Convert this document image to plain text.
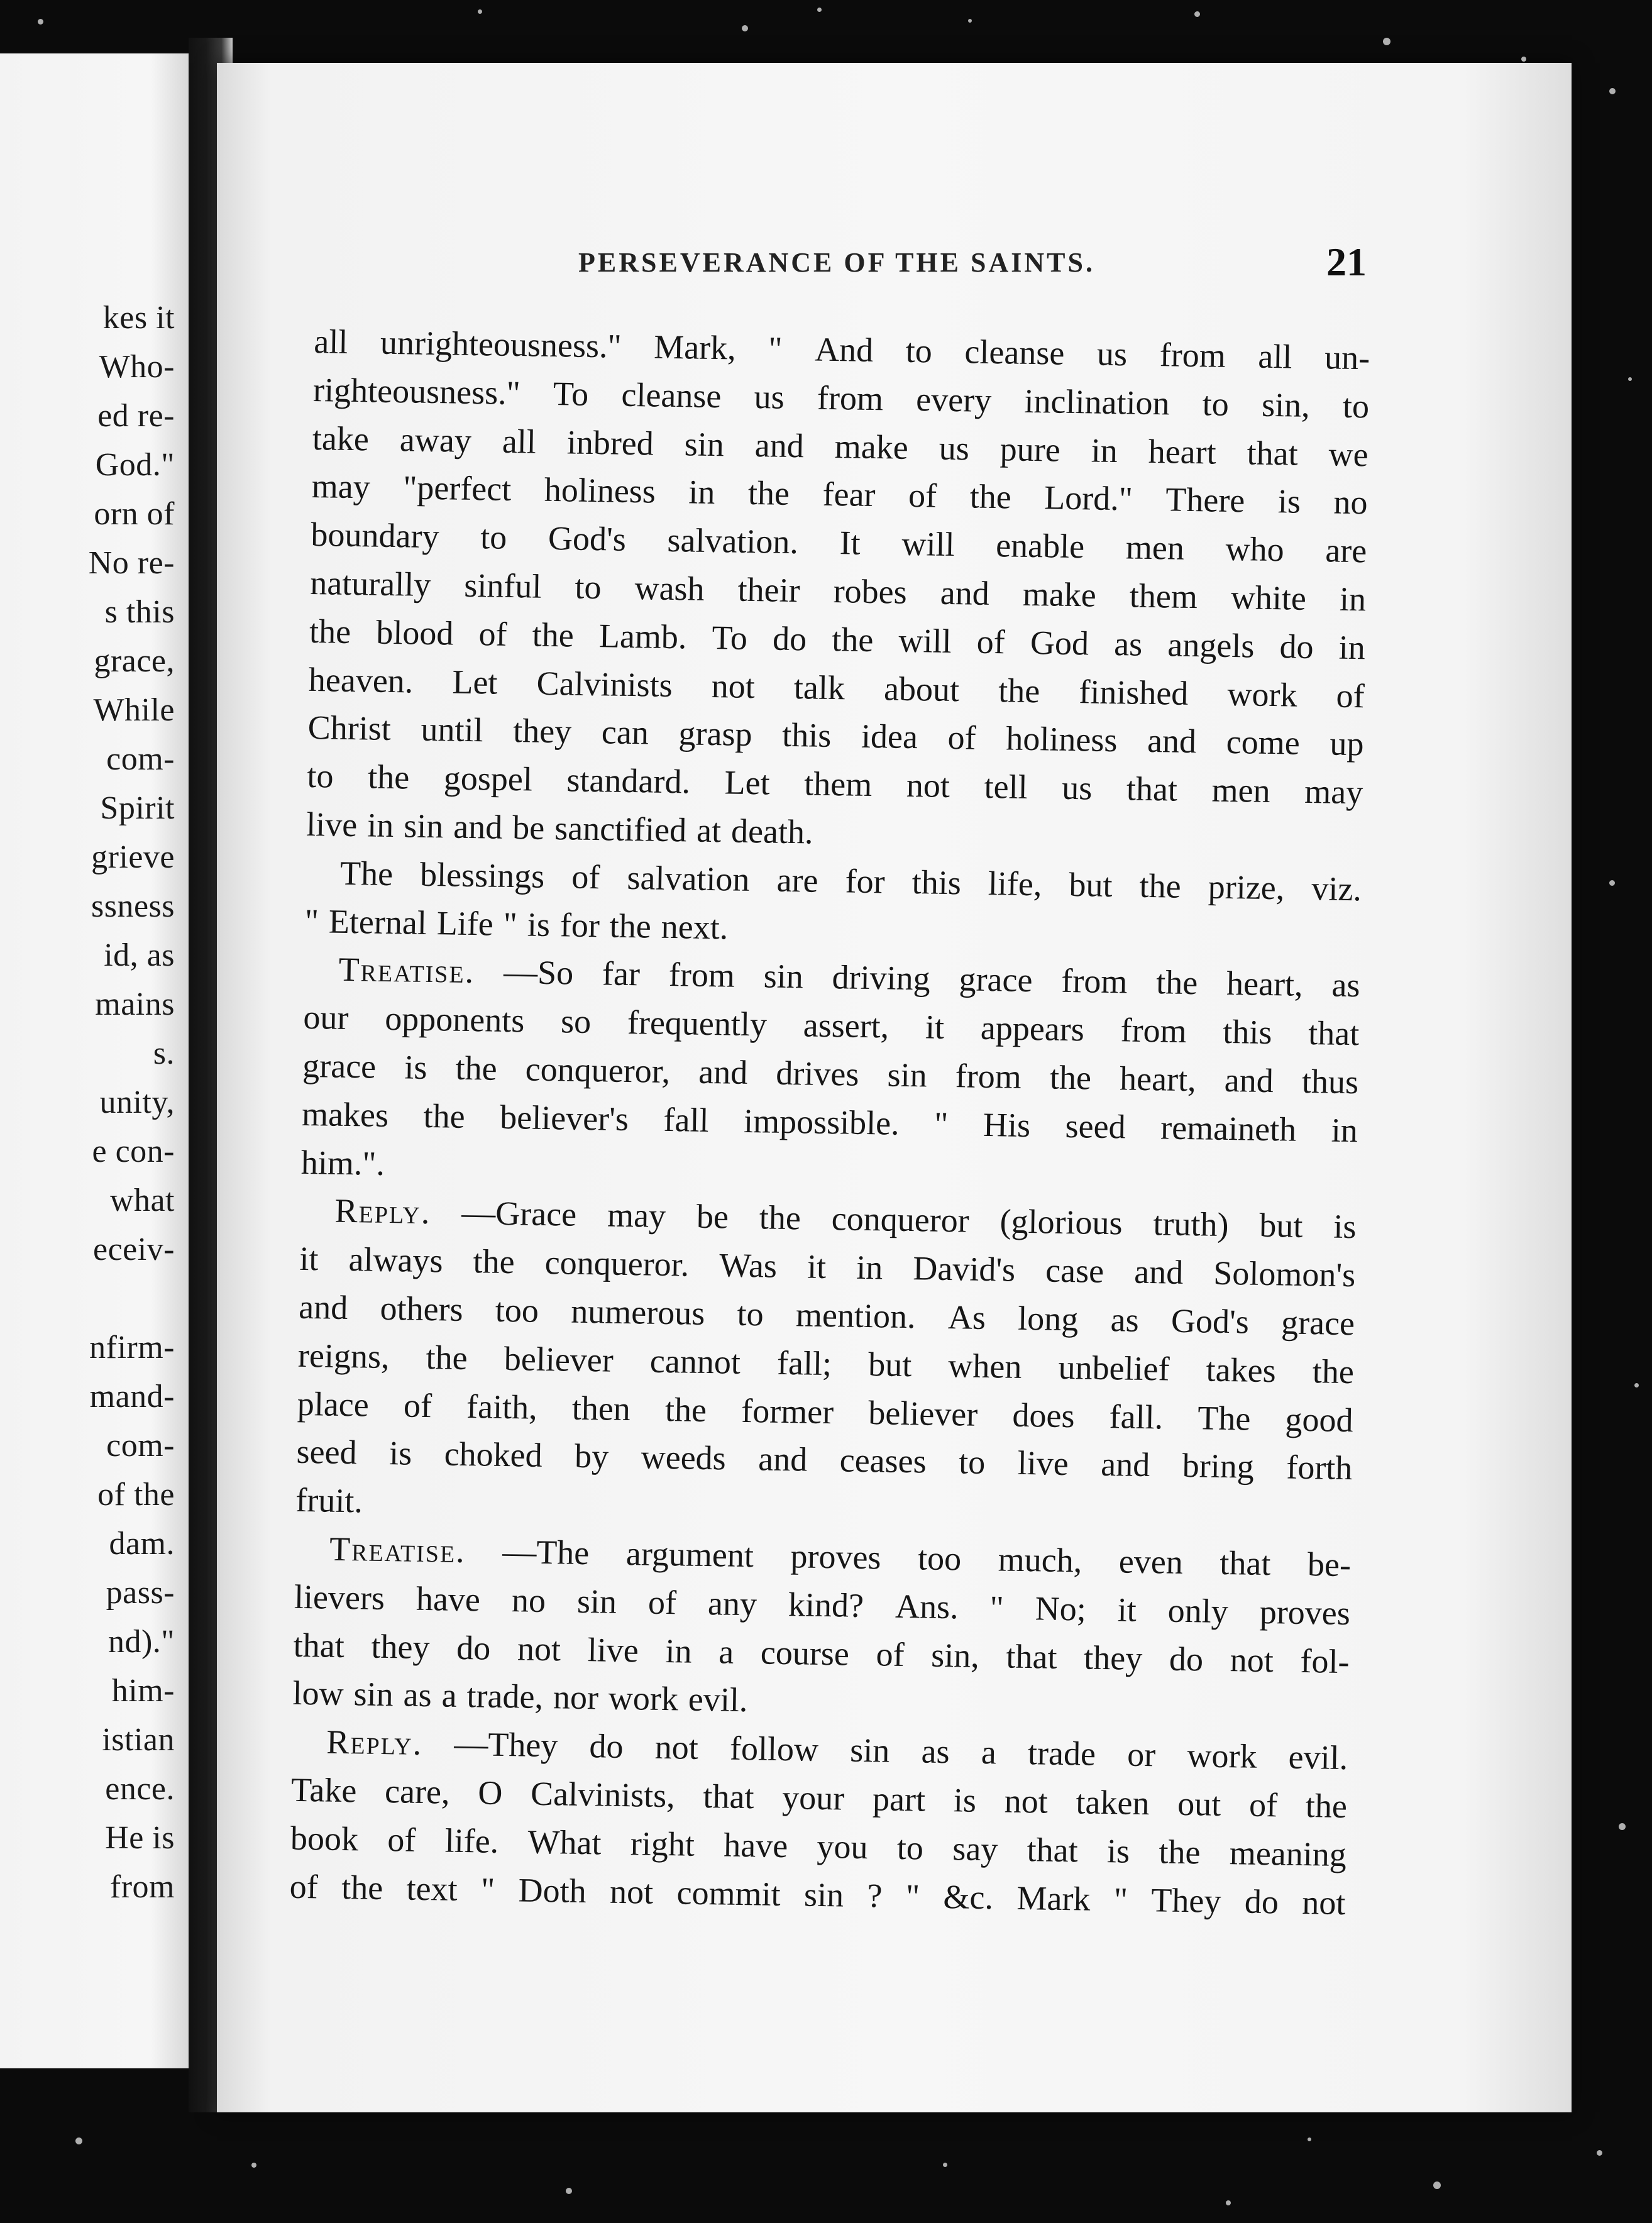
kes it
Who-
ed re-
God."
orn of
No re-
s this
grace,
While
com-
Spirit
grieve
ssness
id, as
mains
s.
unity,
e con-
what
eceiv-
nfirm-
mand-
com-
of the
dam.
pass-
nd)."
him-
istian
ence.
He is
from
PERSEVERANCE OF THE SAINTS.	21
all unrighteousness." Mark, " And to cleanse us from all un-
righteousness." To cleanse us from every inclination to sin, to
take away all inbred sin and make us pure in heart that we
may "perfect holiness in the fear of the Lord." There is no
boundary to God's salvation. It will enable men who are
naturally sinful to wash their robes and make them white in
the blood of the Lamb. To do the will of God as angels do in
heaven. Let Calvinists not talk about the finished work of
Christ until they can grasp this idea of holiness and come up
to the gospel standard. Let them not tell us that men may
live in sin and be sanctified at death.
The blessings of salvation are for this life, but the prize, viz.
" Eternal Life " is for the next.
Treatise. —So far from sin driving grace from the heart, as
our opponents so frequently assert, it appears from this that
grace is the conqueror, and drives sin from the heart, and thus
makes the believer's fall impossible. " His seed remaineth in
him.".
Reply. —Grace may be the conqueror (glorious truth) but is
it always the conqueror. Was it in David's case and Solomon's
and others too numerous to mention. As long as God's grace
reigns, the believer cannot fall; but when unbelief takes the
place of faith, then the former believer does fall. The good
seed is choked by weeds and ceases to live and bring forth
fruit.
Treatise. —The argument proves too much, even that be-
lievers have no sin of any kind? Ans. " No; it only proves
that they do not live in a course of sin, that they do not fol-
low sin as a trade, nor work evil.
Reply. —They do not follow sin as a trade or work evil.
Take care, O Calvinists, that your part is not taken out of the
book of life. What right have you to say that is the meaning
of the text " Doth not commit sin ? " &c. Mark " They do not
